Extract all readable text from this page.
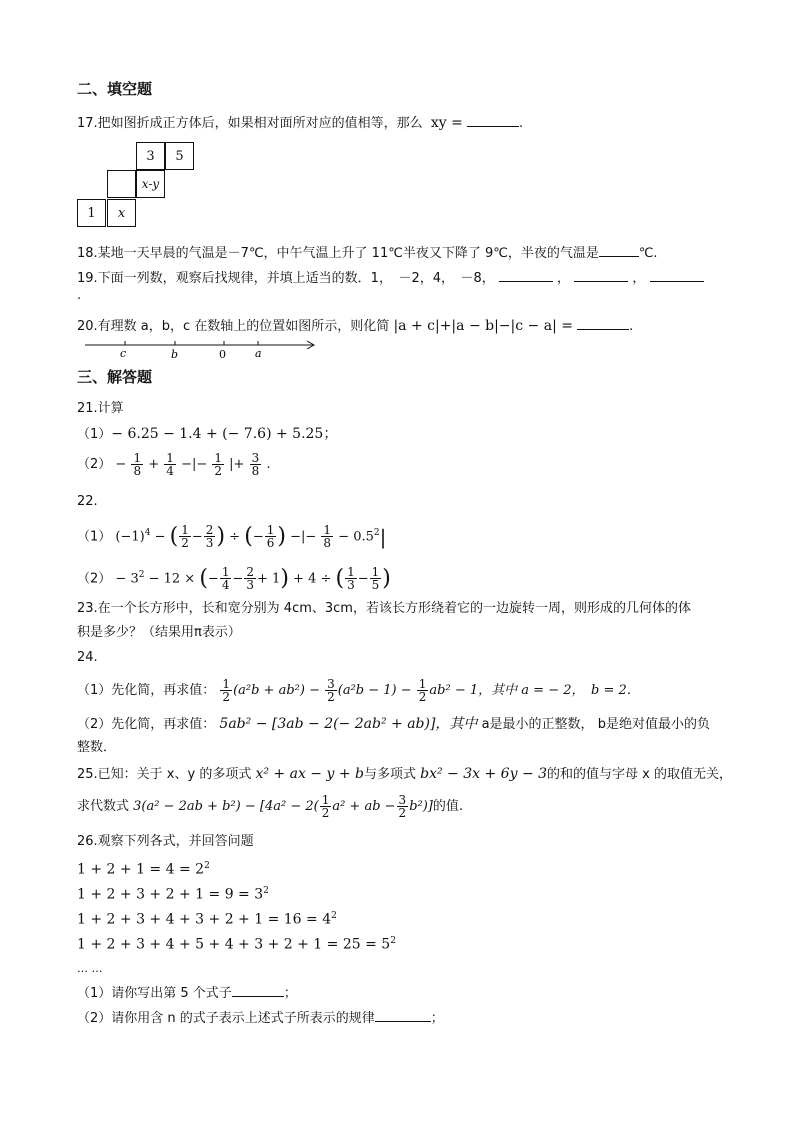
二、填空题
17.把如图折成正方体后，如果相对面所对应的值相等，那么 xy =	.
3	5
x-y
1	x
18.某地一天早晨的气温是－7℃，中午气温上升了 11℃半夜又下降了 9℃，半夜的气温是	℃.
19.下面一列数，观察后找规律，并填上适当的数．1，　－2，4，　－8，	，	，
.
20.有理数 a，b，c 在数轴上的位置如图所示，则化简 |a + c|+|a − b|−|c − a| =	.
c	b	0	a
三、解答题
21.计算
（1）− 6.25 − 1.4 + (− 7.6) + 5.25；
$(2) - \frac{1}{8} + \frac{1}{4}$ −|− $\frac{1}{2}$ |+ $\frac{3}{8}$ .
22.
（1） $(-1)^4$ − ( $\frac{1}{2} - \frac{2}{3}$ ) ÷ (− $\frac{1}{6}$ ) −|− $\frac{1}{8} - 0.5^2|$
$(2) - 3^2 - 12$ × (− $\frac{1}{4} - \frac{2}{3} + 1) + 4$ ÷ ( $\frac{1}{3} - \frac{1}{5}$ )
23.在一个长方形中，长和宽分别为 4cm、3cm，若该长方形绕着它的一边旋转一周，则形成的几何体的体
积是多少？（结果用π表示）
24.
（1）先化简，再求值： $\frac{1}{2} (a^2b + ab^2) - \frac{3}{2} (a^2b - 1) - \frac{1}{2} ab^2 - 1$，其中 a = − 2，　b = 2．
（2）先化简，再求值： 5ab² − [3ab − 2(− 2ab² + ab)]，其中 a是最小的正整数， b是绝对值最小的负
整数．
25.已知：关于 x、y 的多项式 x² + ax − y + b与多项式 bx² − 3x + 6y − 3的和的值与字母 x 的取值无关，
求代数式 $3(a^2 - 2ab + b^2) - [4a^2 - 2( \frac{1}{2} a^2$ + ab − $\frac{3}{2} b^2$)]的值.
26.观察下列各式，并回答问题
$1 + 2 + 1 = 4 = 2^2$
$1 + 2 + 3 + 2 + 1 = 9 = 3^2$
$1 + 2 + 3 + 4 + 3 + 2 + 1 = 16 = 4^2$
$1 + 2 + 3 + 4 + 5 + 4 + 3 + 2 + 1 = 25 = 5^2$
… …
（1）请你写出第 5 个式子	；
（2）请你用含 n 的式子表示上述式子所表示的规律	；
